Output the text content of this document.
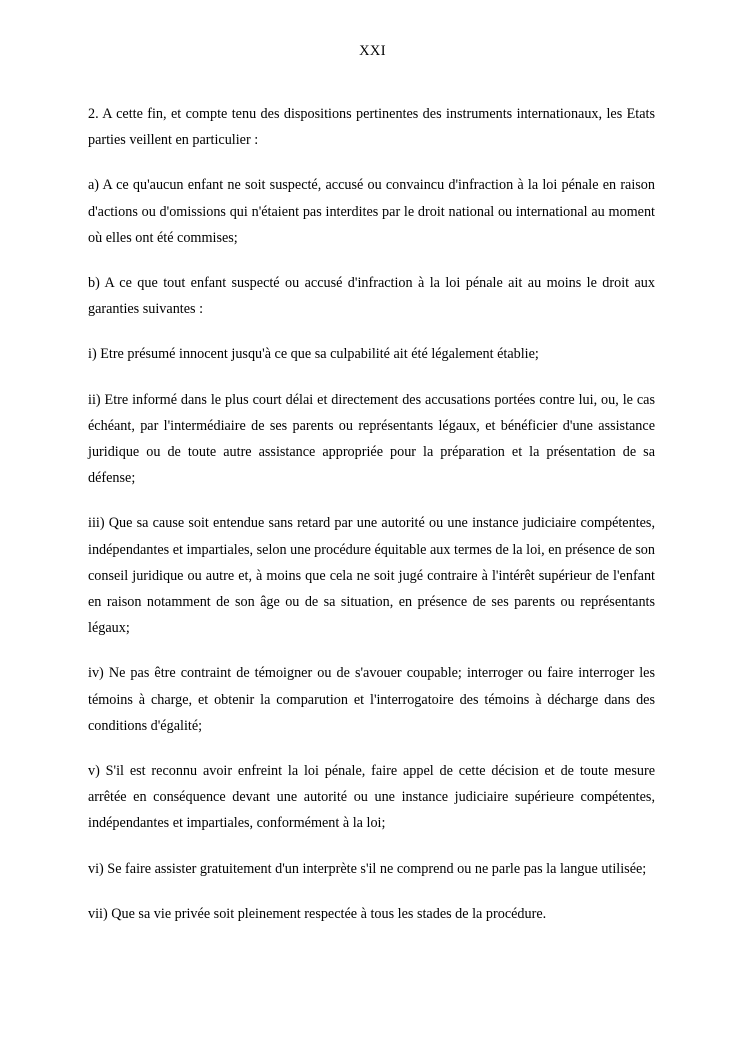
XXI

2. A cette fin, et compte tenu des dispositions pertinentes des instruments internationaux, les Etats parties veillent en particulier :

a) A ce qu'aucun enfant ne soit suspecté, accusé ou convaincu d'infraction à la loi pénale en raison d'actions ou d'omissions qui n'étaient pas interdites par le droit national ou international au moment où elles ont été commises;

b) A ce que tout enfant suspecté ou accusé d'infraction à la loi pénale ait au moins le droit aux garanties suivantes :

i) Etre présumé innocent jusqu'à ce que sa culpabilité ait été légalement établie;

ii) Etre informé dans le plus court délai et directement des accusations portées contre lui, ou, le cas échéant, par l'intermédiaire de ses parents ou représentants légaux, et bénéficier d'une assistance juridique ou de toute autre assistance appropriée pour la préparation et la présentation de sa défense;

iii) Que sa cause soit entendue sans retard par une autorité ou une instance judiciaire compétentes, indépendantes et impartiales, selon une procédure équitable aux termes de la loi, en présence de son conseil juridique ou autre et, à moins que cela ne soit jugé contraire à l'intérêt supérieur de l'enfant en raison notamment de son âge ou de sa situation, en présence de ses parents ou représentants légaux;

iv) Ne pas être contraint de témoigner ou de s'avouer coupable; interroger ou faire interroger les témoins à charge, et obtenir la comparution et l'interrogatoire des témoins à décharge dans des conditions d'égalité;

v) S'il est reconnu avoir enfreint la loi pénale, faire appel de cette décision et de toute mesure arrêtée en conséquence devant une autorité ou une instance judiciaire supérieure compétentes, indépendantes et impartiales, conformément à la loi;

vi) Se faire assister gratuitement d'un interprète s'il ne comprend ou ne parle pas la langue utilisée;

vii) Que sa vie privée soit pleinement respectée à tous les stades de la procédure.
